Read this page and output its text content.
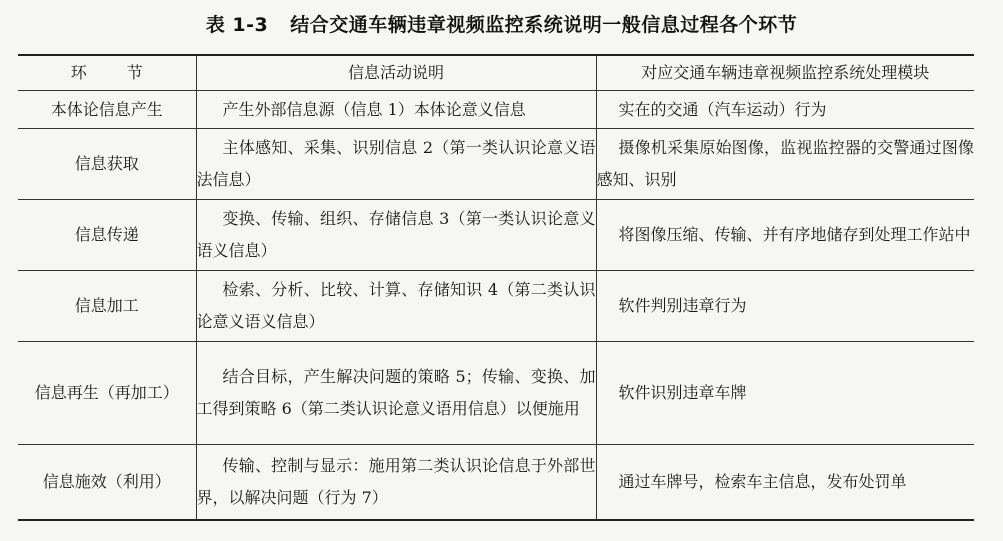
表 1-3 结合交通车辆违章视频监控系统说明一般信息过程各个环节
环节	信息活动说明	对应交通车辆违章视频监控系统处理模块
本体论信息产生	产生外部信息源（信息 1）本体论意义信息	实在的交通（汽车运动）行为
信息获取	主体感知、采集、识别信息 2（第一类认识论意义语法信息）	摄像机采集原始图像，监视监控器的交警通过图像感知、识别
信息传递	变换、传输、组织、存储信息 3（第一类认识论意义语义信息）	将图像压缩、传输、并有序地储存到处理工作站中
信息加工	检索、分析、比较、计算、存储知识 4（第二类认识论意义语义信息）	软件判别违章行为
信息再生（再加工）	结合目标，产生解决问题的策略 5；传输、变换、加工得到策略 6（第二类认识论意义语用信息）以便施用	软件识别违章车牌
信息施效（利用）	传输、控制与显示：施用第二类认识论信息于外部世界，以解决问题（行为 7）	通过车牌号，检索车主信息，发布处罚单
